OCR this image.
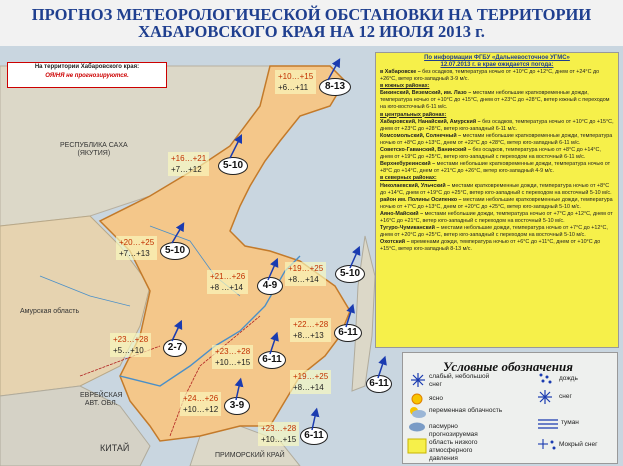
ПРОГНОЗ МЕТЕОРОЛОГИЧЕСКОЙ ОБСТАНОВКИ НА ТЕРРИТОРИИ
ХАБАРОВСКОГО КРАЯ НА 12 ИЮЛЯ 2013 г.
РЕСПУБЛИКА САХА
(ЯКУТИЯ)
Амурская область
ЕВРЕЙСКАЯ
АВТ. ОБЛ.
КИТАЙ
ПРИМОРСКИЙ КРАЙ
На территории Хабаровского края:
ОЯ/НЯ не прогнозируются.	+10…+15
+6…+11
+16…+21
+7…+12
+20…+25
+7…+13
+21…+26
+8 …+14
+19…+25
+8…+14
+22…+28
+8…+13
+23…+28
+5…+10	+23…+28
+10…+15
+19…+25
+8…+14
+24…+26
+10…+12
+23…+28
+10…+15
8-13
5-10
5-10
4-9
5-10
6-11
2-7
6-11
6-11
3-9
6-11
По информации ФГБУ «Дальневосточное УГМС»
12.07.2013 г. в крае ожидается погода:

в Хабаровске – без осадков, температура ночью от +10°С до +12°С, днем от +24°С до +26°С, ветер юго-западный 3-9 м/с.

в южных районах:

Бикинский, Вяземский, им. Лазо – местами небольшие кратковременные дожди, температура ночью от +10°С до +15°С, днем от +23°С до +28°С, ветер южный с переходом на юго-восточный 6-11 м/с.

в центральных районах:

Хабаровский, Нанайский, Амурский – без осадков, температура ночью от +10°С до +15°С, днем от +23°С до +28°С, ветер юго-западный 6-11 м/с.

Комсомольский, Солнечный – местами небольшие кратковременные дожди, температура ночью от +8°С до +13°С, днем от +22°С до +28°С, ветер юго-западный 6-11 м/с.

Советско-Гаванский, Ванинский – без осадков, температура ночью от +8°С до +14°С, днем от +19°С до +25°С, ветер юго-западный с переходом на восточный 6-11 м/с.

Верхнебуреинский – местами небольшие кратковременные дожди, температура ночью от +8°С до +14°С, днем от +21°С до +26°С, ветер юго-западный 4-9 м/с.

в северных районах:

Николаевский, Ульчский – местами кратковременные дожди, температура ночью от +8°С до +14°С, днем от +19°С до +25°С, ветер юго-западный с переходом на восточный 5-10 м/с.

район им. Полины Осипенко – местами небольшие кратковременные дожди, температура ночью от +7°С до +13°С, днем от +20°С до +25°С, ветер юго-западный 5-10 м/с.

Аяно-Майский – местами небольшие дожди, температура ночью от +7°С до +12°С, днем от +16°С до +21°С, ветер юго-западный с переходом на восточный 5-10 м/с.

Тугуро-Чумиканский – местами небольшие дожди, температура ночью от +7°С до +12°С, днем от +20°С до +25°С, ветер юго-западный с переходом на восточный 5-10 м/с.

Охотский – временами дожди, температура ночью от +6°С до +11°С, днем от +10°С до +15°С, ветер юго-западный 8-13 м/с.

Условные обозначения
слабый, небольшой
снег
дождь
ясно	снег
переменная облачность
пасмурно
туман
прогнозируемая
область низкого
атмосферного
давления
Мокрый снег
